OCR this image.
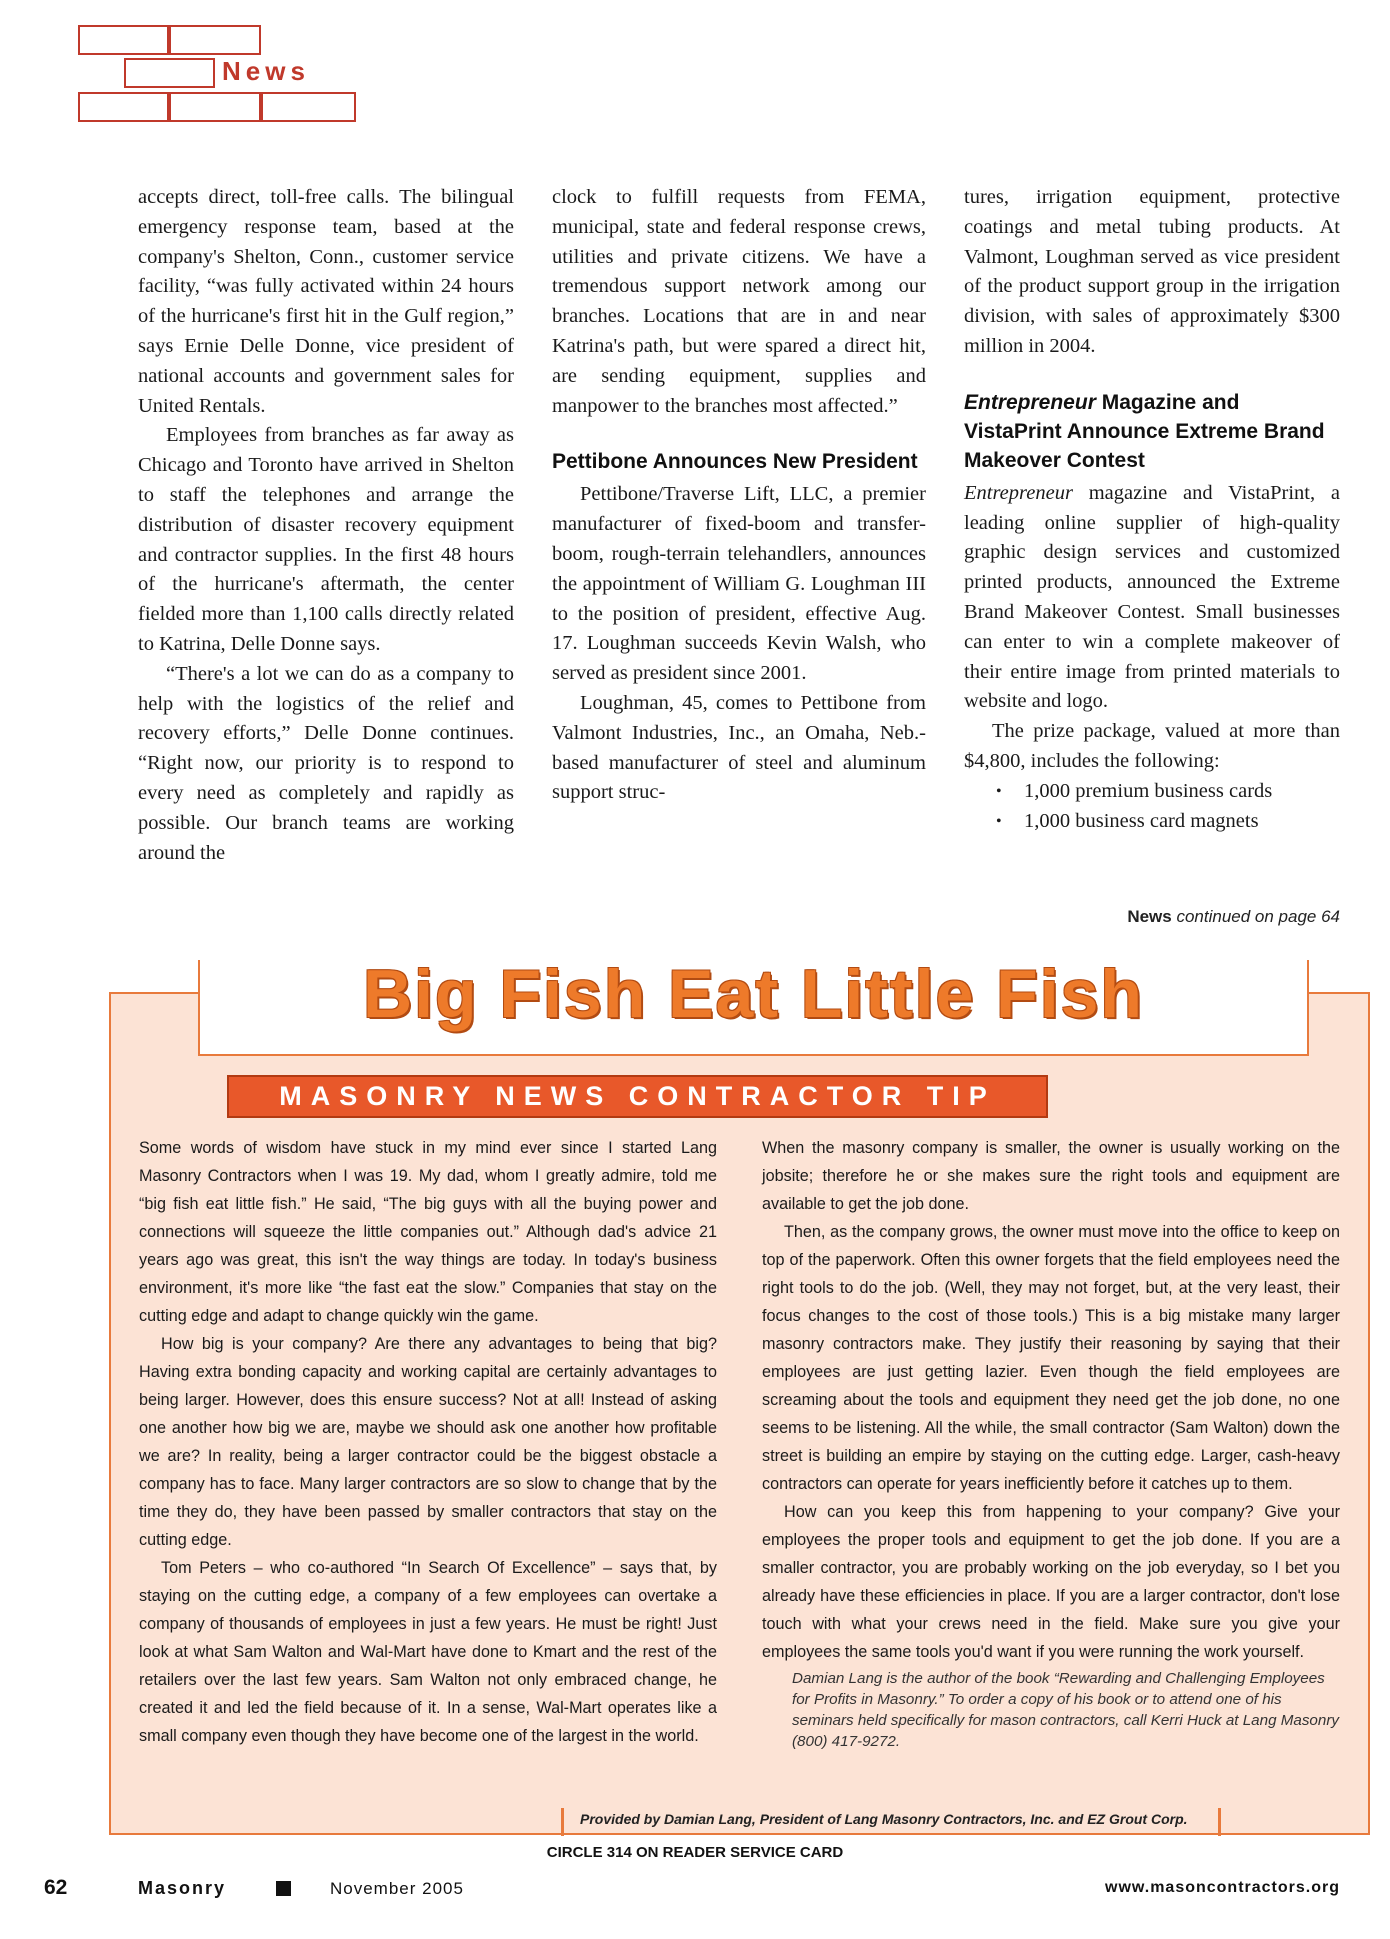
News

accepts direct, toll-free calls. The bilingual emergency response team, based at the company's Shelton, Conn., customer service facility, “was fully activated within 24 hours of the hurricane's first hit in the Gulf region,” says Ernie Delle Donne, vice president of national accounts and government sales for United Rentals.

Employees from branches as far away as Chicago and Toronto have arrived in Shelton to staff the telephones and arrange the distribution of disaster recovery equipment and contractor supplies. In the first 48 hours of the hurricane's aftermath, the center fielded more than 1,100 calls directly related to Katrina, Delle Donne says.

“There's a lot we can do as a company to help with the logistics of the relief and recovery efforts,” Delle Donne continues. “Right now, our priority is to respond to every need as completely and rapidly as possible. Our branch teams are working around the

clock to fulfill requests from FEMA, municipal, state and federal response crews, utilities and private citizens. We have a tremendous support network among our branches. Locations that are in and near Katrina's path, but were spared a direct hit, are sending equipment, supplies and manpower to the branches most affected.”

Pettibone Announces New President

Pettibone/Traverse Lift, LLC, a premier manufacturer of fixed-boom and transfer-boom, rough-terrain telehandlers, announces the appointment of William G. Loughman III to the position of president, effective Aug. 17. Loughman succeeds Kevin Walsh, who served as president since 2001.

Loughman, 45, comes to Pettibone from Valmont Industries, Inc., an Omaha, Neb.-based manufacturer of steel and aluminum support struc-

tures, irrigation equipment, protective coatings and metal tubing products. At Valmont, Loughman served as vice president of the product support group in the irrigation division, with sales of approximately $300 million in 2004.

Entrepreneur Magazine and VistaPrint Announce Extreme Brand Makeover Contest

Entrepreneur magazine and VistaPrint, a leading online supplier of high-quality graphic design services and customized printed products, announced the Extreme Brand Makeover Contest. Small businesses can enter to win a complete makeover of their entire image from printed materials to website and logo.

The prize package, valued at more than $4,800, includes the following:

• 1,000 premium business cards
• 1,000 business card magnets
News continued on page 64
Big Fish Eat Little Fish
MASONRY NEWS CONTRACTOR TIP

Some words of wisdom have stuck in my mind ever since I started Lang Masonry Contractors when I was 19. My dad, whom I greatly admire, told me “big fish eat little fish.” He said, “The big guys with all the buying power and connections will squeeze the little companies out.” Although dad's advice 21 years ago was great, this isn't the way things are today. In today's business environment, it's more like “the fast eat the slow.” Companies that stay on the cutting edge and adapt to change quickly win the game.

How big is your company? Are there any advantages to being that big? Having extra bonding capacity and working capital are certainly advantages to being larger. However, does this ensure success? Not at all! Instead of asking one another how big we are, maybe we should ask one another how profitable we are? In reality, being a larger contractor could be the biggest obstacle a company has to face. Many larger contractors are so slow to change that by the time they do, they have been passed by smaller contractors that stay on the cutting edge.

Tom Peters – who co-authored “In Search Of Excellence” – says that, by staying on the cutting edge, a company of a few employees can overtake a company of thousands of employees in just a few years. He must be right! Just look at what Sam Walton and Wal-Mart have done to Kmart and the rest of the retailers over the last few years. Sam Walton not only embraced change, he created it and led the field because of it. In a sense, Wal-Mart operates like a small company even though they have become one of the largest in the world.

When the masonry company is smaller, the owner is usually working on the jobsite; therefore he or she makes sure the right tools and equipment are available to get the job done.

Then, as the company grows, the owner must move into the office to keep on top of the paperwork. Often this owner forgets that the field employees need the right tools to do the job. (Well, they may not forget, but, at the very least, their focus changes to the cost of those tools.) This is a big mistake many larger masonry contractors make. They justify their reasoning by saying that their employees are just getting lazier. Even though the field employees are screaming about the tools and equipment they need get the job done, no one seems to be listening. All the while, the small contractor (Sam Walton) down the street is building an empire by staying on the cutting edge. Larger, cash-heavy contractors can operate for years inefficiently before it catches up to them.

How can you keep this from happening to your company? Give your employees the proper tools and equipment to get the job done. If you are a smaller contractor, you are probably working on the job everyday, so I bet you already have these efficiencies in place. If you are a larger contractor, don't lose touch with what your crews need in the field. Make sure you give your employees the same tools you'd want if you were running the work yourself.

Damian Lang is the author of the book “Rewarding and Challenging Employees for Profits in Masonry.” To order a copy of his book or to attend one of his seminars held specifically for mason contractors, call Kerri Huck at Lang Masonry (800) 417-9272.

Provided by Damian Lang, President of Lang Masonry Contractors, Inc. and EZ Grout Corp.
CIRCLE 314 ON READER SERVICE CARD
62	Masonry	November 2005	www.masoncontractors.org
